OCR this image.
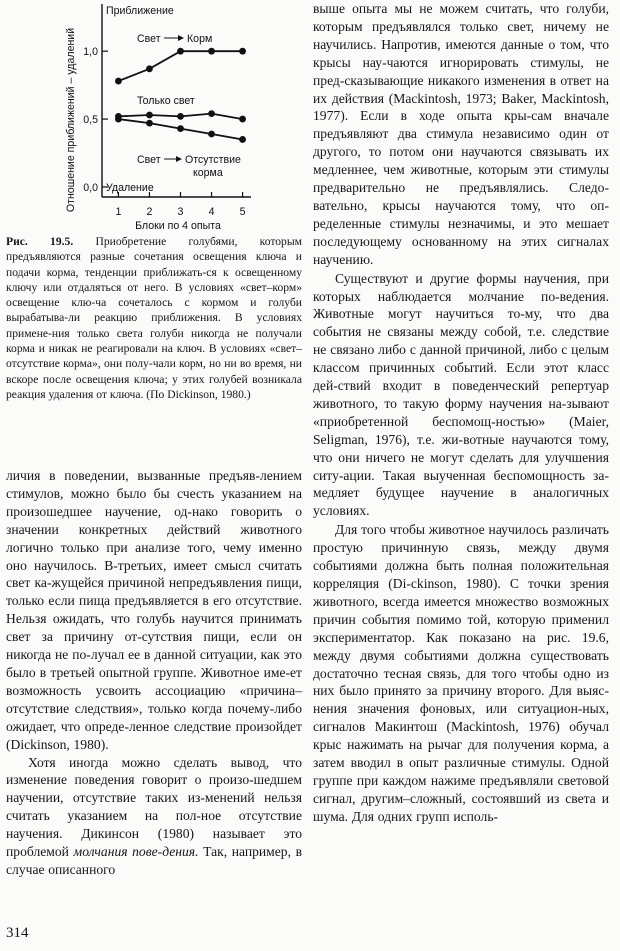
Отношение приближений – удалений
Приближение
Удаление
0,0
0,5
1,0
1 2 3 4 5
Свет Корм
Только свет
Свет Отсутствие
корма
Блоки по 4 опыта
Рис. 19.5. Приобретение голубями, которым предъявляются разные сочетания освещения ключа и подачи корма, тенденции приближать-ся к освещенному ключу или отдаляться от него. В условиях «свет–корм» освещение клю-ча сочеталось с кормом и голуби вырабатыва-ли реакцию приближения. В условиях примене-ния только света голуби никогда не получали корма и никак не реагировали на ключ. В условиях «свет–отсутствие корма», они полу-чали корм, но ни во время, ни вскоре после освещения ключа; у этих голубей возникала реакция удаления от ключа. (По Dickinson, 1980.)

личия в поведении, вызванные предъяв-лением стимулов, можно было бы счесть указанием на произошедшее научение, од-нако говорить о значении конкретных действий животного логично только при анализе того, чему именно оно научилось. В-третьих, имеет смысл считать свет ка-жущейся причиной непредъявления пищи, только если пища предъявляется в его отсутствие. Нельзя ожидать, что голубь научится принимать свет за причину от-сутствия пищи, если он никогда не по-лучал ее в данной ситуации, как это было в третьей опытной группе. Животное име-ет возможность усвоить ассоциацию «причина–отсутствие следствия», только когда почему-либо ожидает, что опреде-ленное следствие произойдет (Dickinson, 1980).

Хотя иногда можно сделать вывод, что изменение поведения говорит о произо-шедшем научении, отсутствие таких из-менений нельзя считать указанием на пол-ное отсутствие научения. Дикинсон (1980) называет это проблемой молчания пове-дения. Так, например, в случае описанного

выше опыта мы не можем считать, что голуби, которым предъявлялся только свет, ничему не научились. Напротив, имеются данные о том, что крысы нау-чаются игнорировать стимулы, не пред-сказывающие никакого изменения в ответ на их действия (Mackintosh, 1973; Baker, Mackintosh, 1977). Если в ходе опыта кры-сам вначале предъявляют два стимула независимо один от другого, то потом они научаются связывать их медленнее, чем животные, которым эти стимулы предварительно не предъявлялись. Следо-вательно, крысы научаются тому, что оп-ределенные стимулы незначимы, и это мешает последующему основанному на этих сигналах научению.

Существуют и другие формы научения, при которых наблюдается молчание по-ведения. Животные могут научиться то-му, что два события не связаны между собой, т.е. следствие не связано либо с данной причиной, либо с целым классом причинных событий. Если этот класс дей-ствий входит в поведенческий репертуар животного, то такую форму научения на-зывают «приобретенной беспомощ-ностью» (Maier, Seligman, 1976), т.е. жи-вотные научаются тому, что они ничего не могут сделать для улучшения ситу-ации. Такая выученная беспомощность за-медляет будущее научение в аналогичных условиях.

Для того чтобы животное научилось различать простую причинную связь, между двумя событиями должна быть полная положительная корреляция (Di-ckinson, 1980). С точки зрения животного, всегда имеется множество возможных причин события помимо той, которую применил экспериментатор. Как показано на рис. 19.6, между двумя событиями должна существовать достаточно тесная связь, для того чтобы одно из них было принято за причину второго. Для выяс-нения значения фоновых, или ситуацион-ных, сигналов Макинтош (Mackintosh, 1976) обучал крыс нажимать на рычаг для получения корма, а затем вводил в опыт различные стимулы. Одной группе при каждом нажиме предъявляли световой сигнал, другим–сложный, состоявший из света и шума. Для одних групп исполь-

314
